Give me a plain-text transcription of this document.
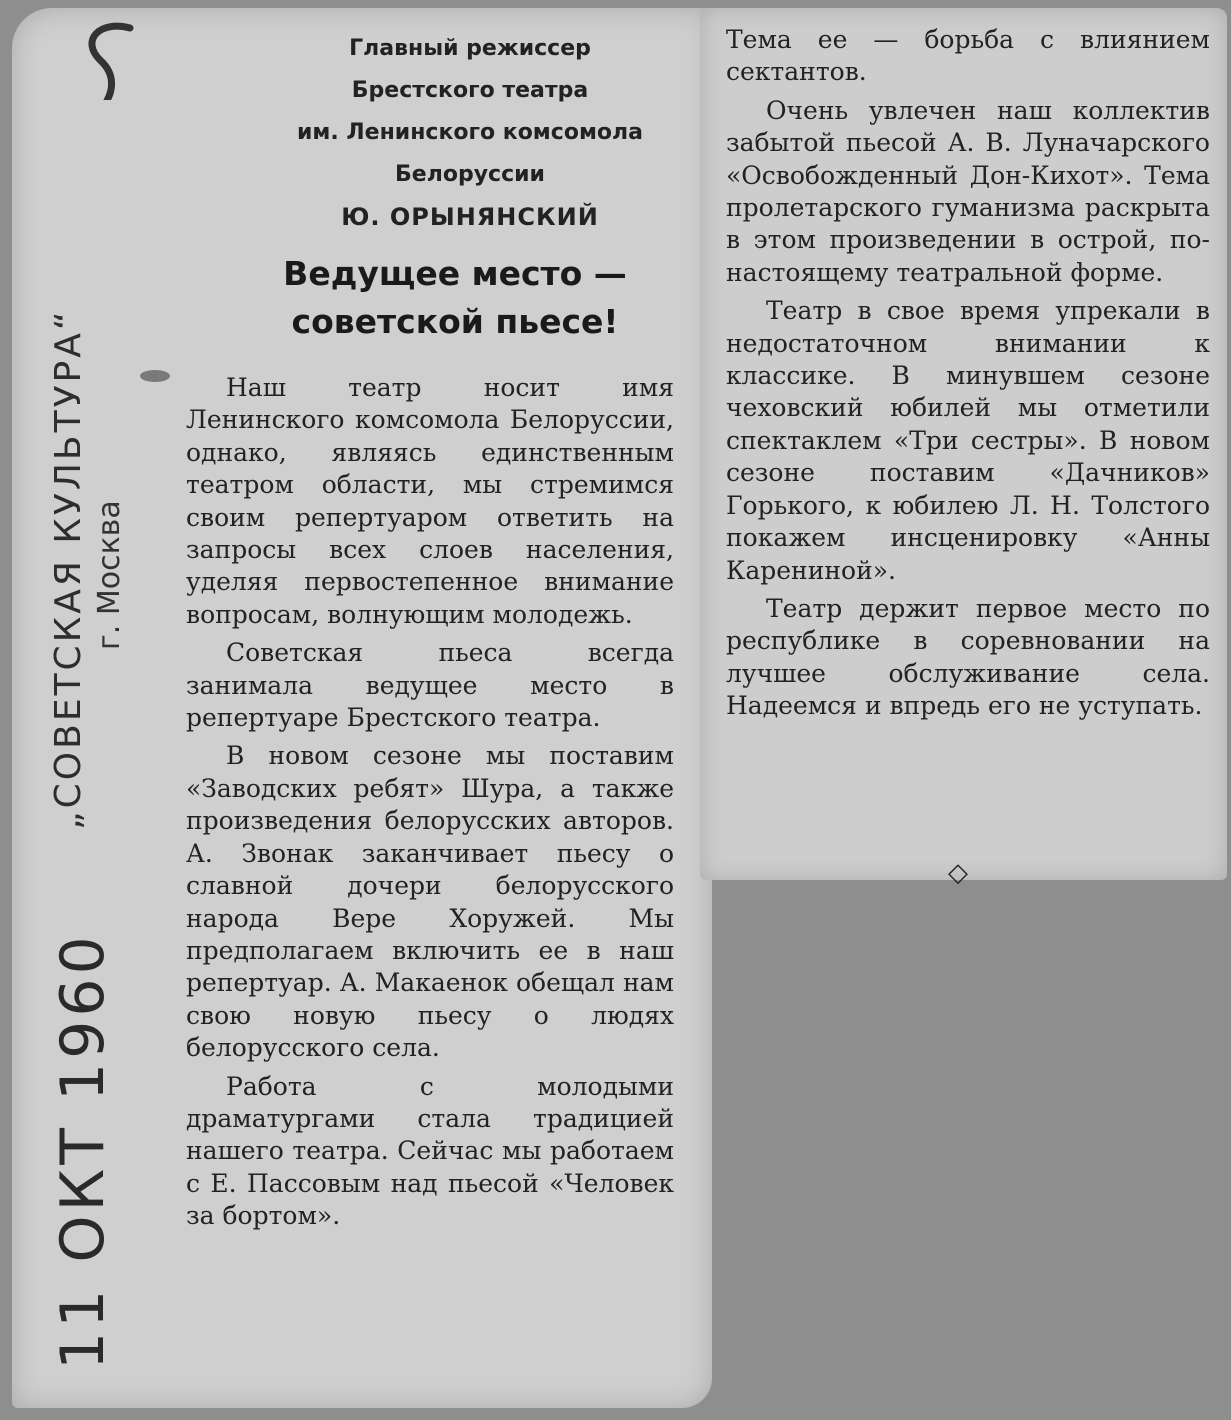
11 ОКТ 1960
„СОВЕТСКАЯ КУЛЬТУРА“ г. Москва
Главный режиссер
Брестского театра
им. Ленинского комсомола
Белоруссии
Ю. ОРЫНЯНСКИЙ
Ведущее место —
советской пьесе!

Наш театр носит имя Ленинского комсомола Белоруссии, однако, являясь единственным театром области, мы стремимся своим репертуаром ответить на запросы всех слоев населения, уделяя первостепенное внимание вопросам, волнующим молодежь.

Советская пьеса всегда занимала ведущее место в репертуаре Брестского театра.

В новом сезоне мы поставим «Заводских ребят» Шура, а также произведения белорусских авторов. А. Звонак заканчивает пьесу о славной дочери белорусского народа Вере Хоружей. Мы предполагаем включить ее в наш репертуар. А. Макаенок обещал нам свою новую пьесу о людях белорусского села.

Работа с молодыми драматургами стала традицией нашего театра. Сейчас мы работаем с Е. Пассовым над пьесой «Человек за бортом».

Тема ее — борьба с влиянием сектантов.

Очень увлечен наш коллектив забытой пьесой А. В. Луначарского «Освобожденный Дон-Кихот». Тема пролетарского гуманизма раскрыта в этом произведении в острой, по-настоящему театральной форме.

Театр в свое время упрекали в недостаточном внимании к классике. В минувшем сезоне чеховский юбилей мы отметили спектаклем «Три сестры». В новом сезоне поставим «Дачников» Горького, к юбилею Л. Н. Толстого покажем инсценировку «Анны Карениной».

Театр держит первое место по республике в соревновании на лучшее обслуживание села. Надеемся и впредь его не уступать.

◇
